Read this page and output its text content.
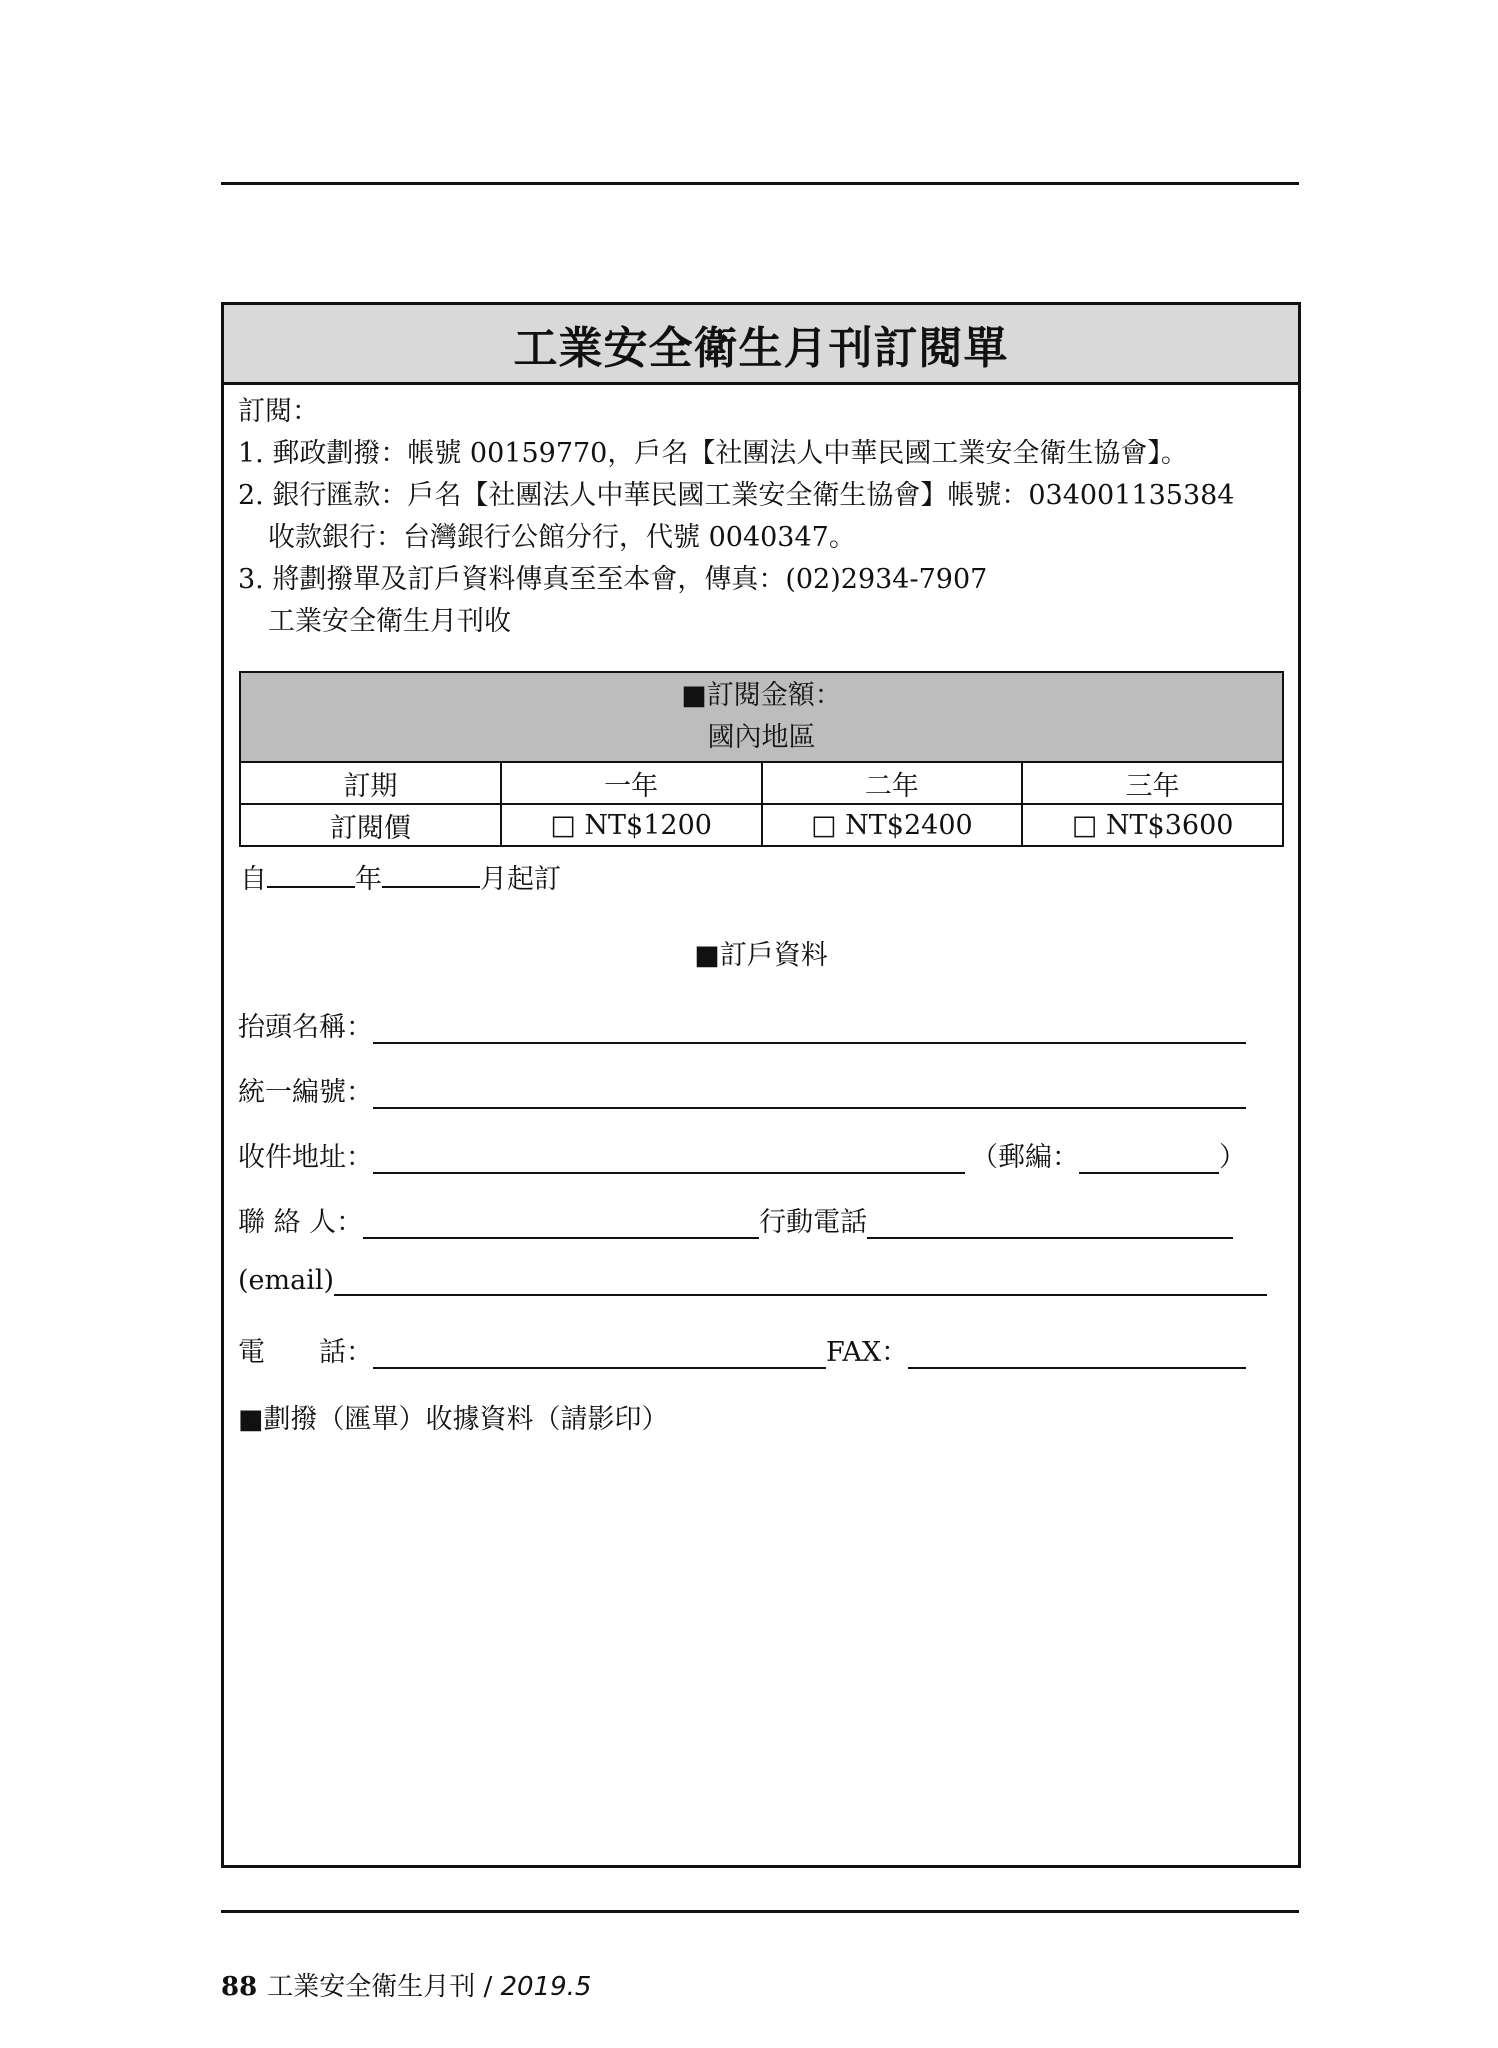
工業安全衛生月刊訂閱單
訂閱：
1. 郵政劃撥：帳號 00159770，戶名【社團法人中華民國工業安全衛生協會】。
2. 銀行匯款：戶名【社團法人中華民國工業安全衛生協會】帳號：034001135384
收款銀行：台灣銀行公館分行，代號 0040347。
3. 將劃撥單及訂戶資料傳真至至本會，傳真：(02)2934-7907
工業安全衛生月刊收
■訂閱金額：
國內地區			

訂期	一年	二年	三年
訂閱價	□ NT$1200	□ NT$2400	□ NT$3600
自	年	月起訂
■訂戶資料
抬頭名稱：
統一編號：
收件地址：	（郵編：	）
聯 絡 人：	行動電話
(email)
電　　話：	FAX：
■劃撥（匯單）收據資料（請影印）
88 工業安全衛生月刊 / 2019.5
